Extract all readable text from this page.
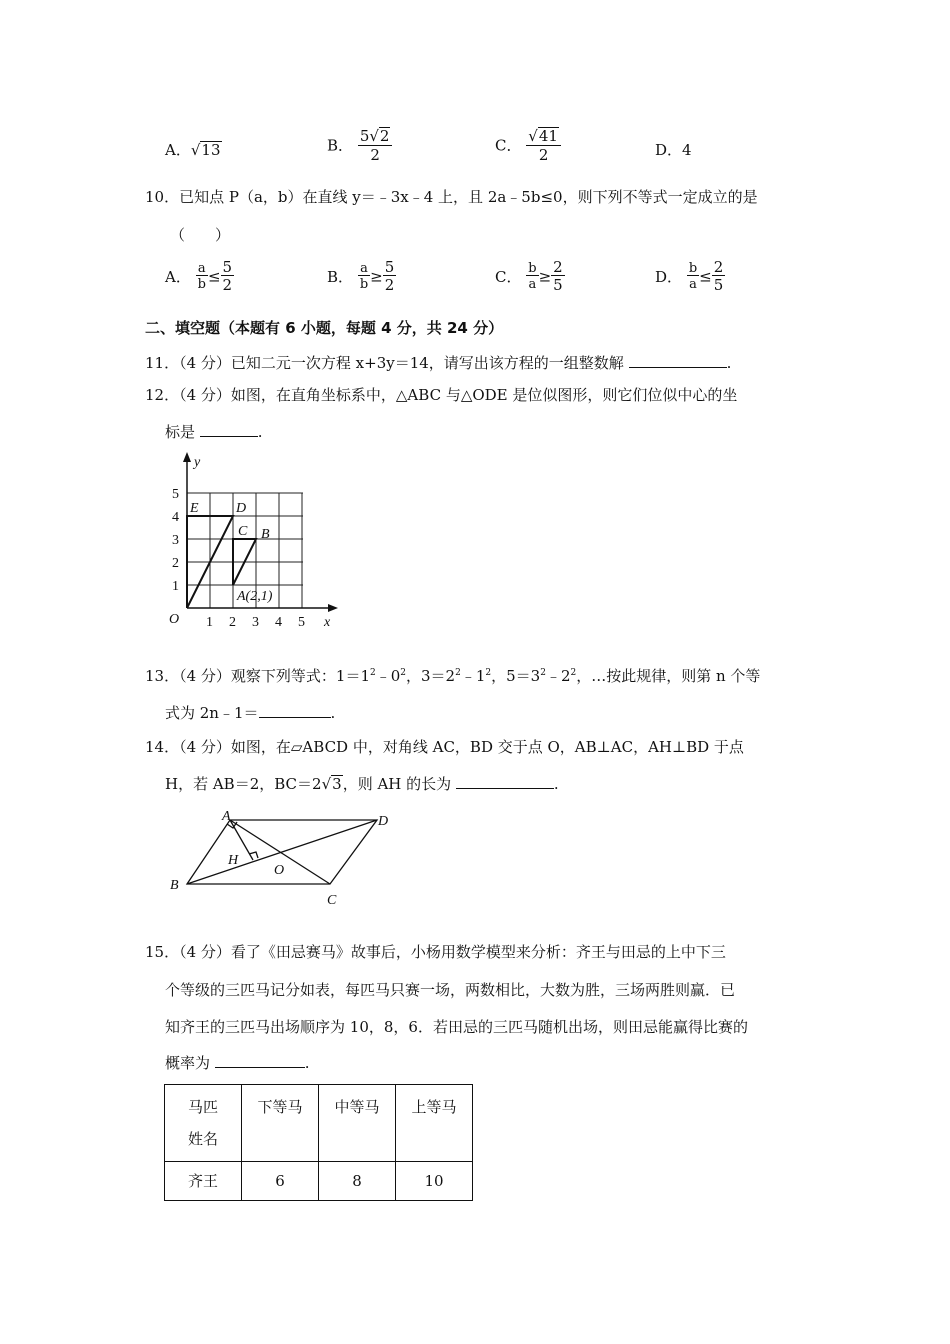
A．√13	B． $\frac{5√2}{2}$	C． $\frac{√41}{2}$	D．4
10．已知点 P（a，b）在直线 y＝﹣3x﹣4 上，且 2a﹣5b≤0，则下列不等式一定成立的是
（　　）
A． $\frac{a}{b} \le \frac{5}{2}$	B． $\frac{a}{b} \ge \frac{5}{2}$	C． $\frac{b}{a} \ge \frac{2}{5}$	D． $\frac{b}{a} \le \frac{2}{5}$
二、填空题（本题有 6 小题，每题 4 分，共 24 分）
11．（4 分）已知二元一次方程 x+3y＝14，请写出该方程的一组整数解	.
12．（4 分）如图，在直角坐标系中，△ABC 与△ODE 是位似图形，则它们位似中心的坐
标是	.
y
x
O
1
2
3
4
5
1 2 3 4 5
E	D
C B
A(2,1)
13．（4 分）观察下列等式：$1=1^2﹣0^2$，$3=2^2﹣1^2$，$5=3^2﹣2^2$，…按此规律，则第 n 个等
式为 2n﹣1＝	.
14．（4 分）如图，在▱ABCD 中，对角线 AC，BD 交于点 O，AB⊥AC，AH⊥BD 于点
H，若 AB＝2，BC＝2√3，则 AH 的长为	.
A
B
C
D
H
O
15．（4 分）看了《田忌赛马》故事后，小杨用数学模型来分析：齐王与田忌的上中下三
个等级的三匹马记分如表，每匹马只赛一场，两数相比，大数为胜，三场两胜则赢．已
知齐王的三匹马出场顺序为 10，8，6．若田忌的三匹马随机出场，则田忌能赢得比赛的
概率为	.
马匹
姓名	下等马	中等马	上等马
齐王	6	8	10
